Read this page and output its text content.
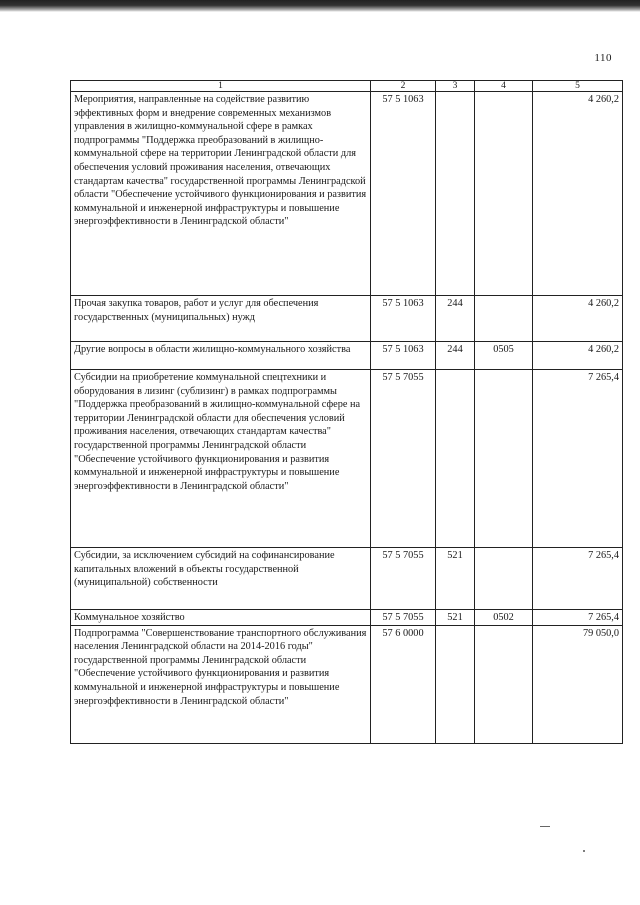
110
1	2	3	4	5
Мероприятия, направленные на содействие развитию эффективных форм и внедрение современных механизмов управления в жилищно-коммунальной сфере в рамках подпрограммы "Поддержка преобразований в жилищно-коммунальной сфере на территории Ленинградской области для обеспечения условий проживания населения, отвечающих стандартам качества" государственной программы Ленинградской области "Обеспечение устойчивого функционирования и развития коммунальной и инженерной инфраструктуры и повышение энергоэффективности в Ленинградской области"	57 5 1063			4 260,2
Прочая закупка товаров, работ и услуг для обеспечения государственных (муниципальных) нужд	57 5 1063	244		4 260,2
Другие вопросы в области жилищно-коммунального хозяйства	57 5 1063	244	0505	4 260,2
Субсидии на приобретение коммунальной спецтехники и оборудования в лизинг (сублизинг) в рамках подпрограммы "Поддержка преобразований в жилищно-коммунальной сфере на территории Ленинградской области для обеспечения условий проживания населения, отвечающих стандартам качества" государственной программы Ленинградской области "Обеспечение устойчивого функционирования и развития коммунальной и инженерной инфраструктуры и повышение энергоэффективности в Ленинградской области"	57 5 7055			7 265,4
Субсидии, за исключением субсидий на софинансирование капитальных вложений в объекты государственной (муниципальной) собственности	57 5 7055	521		7 265,4
Коммунальное хозяйство	57 5 7055	521	0502	7 265,4
Подпрограмма "Совершенствование транспортного обслуживания населения Ленинградской области на 2014-2016 годы" государственной программы Ленинградской области "Обеспечение устойчивого функционирования и развития коммунальной и инженерной инфраструктуры и повышение энергоэффективности в Ленинградской области"	57 6 0000			79 050,0
